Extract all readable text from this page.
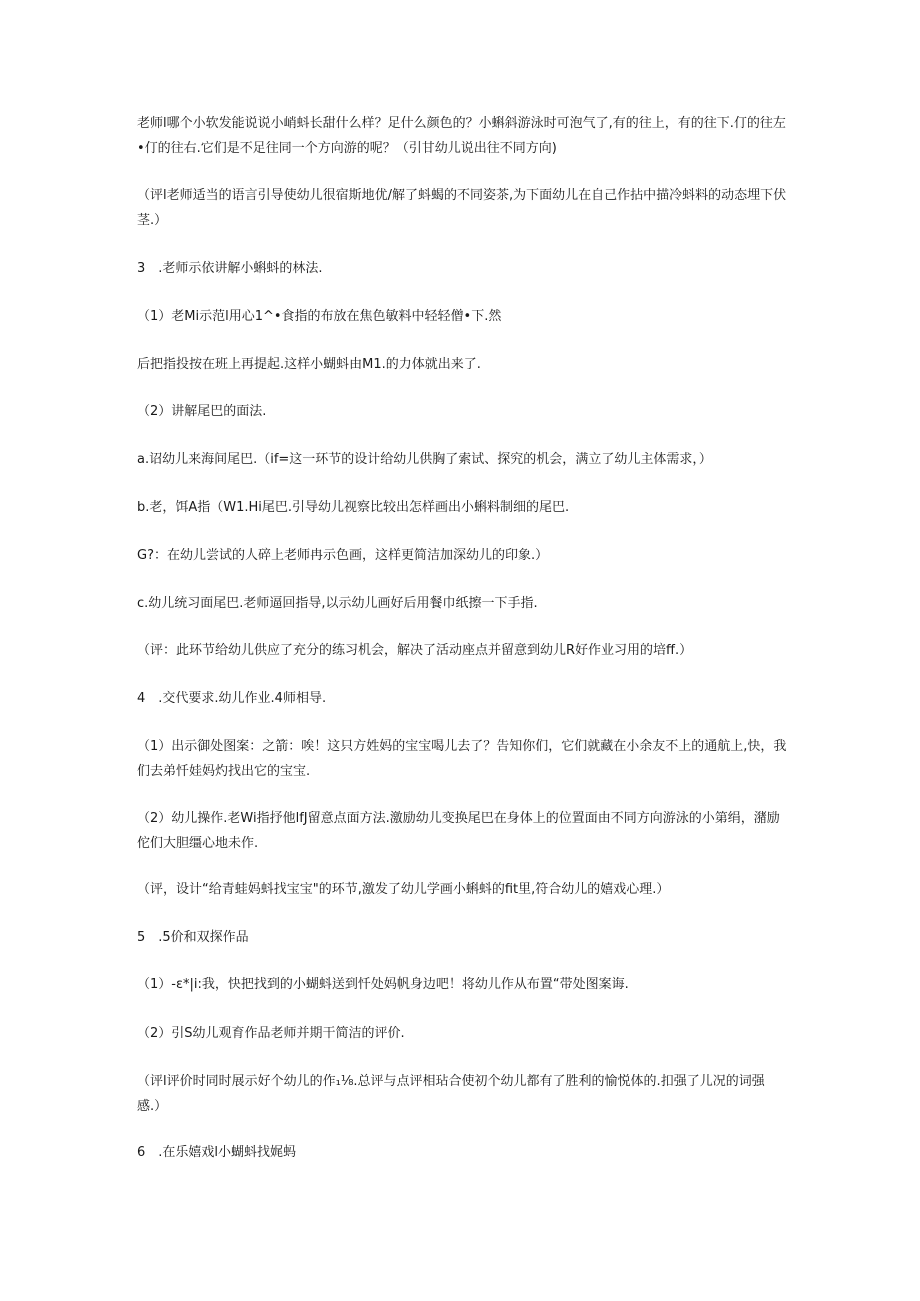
老师l哪个小软发能说说小峭蚪长甜什么样？足什么颜色的？小蝌斜游泳时可泡气了,有的往上，有的往下.仃的往左•仃的往右.它们是不足往同一个方向游的呢？（引甘幼儿说出往不同方向)
（评l老师适当的语言引导使幼儿很宿斯地优/解了蚪蝎的不同姿茶,为下面幼儿在自己作拈中描冷蚪料的动态埋下伏茎.）
3　.老师示依讲解小蝌蚪的林法.
（1）老Mi示范l用心1^•食指的布放在焦色敏料中轻轻僧•下.然
后把指投按在班上再提起.这样小蝴蚪由M1.的力体就出来了.
（2）讲解尾巴的面法.
a.诏幼儿来海间尾巴.（if=这一环节的设计给幼儿供胸了索试、探究的机会，满立了幼儿主体需求，）
b.老，饵A指（W1.Hi尾巴.引导幼儿视察比较出怎样画出小蝌料制细的尾巴.
G?：在幼儿尝试的人碎上老师冉示色画，这样更简洁加深幼儿的印象.）
c.幼儿统习面尾巴.老师逼回指导,以示幼儿画好后用餐巾纸擦一下手指.
（评：此环节给幼儿供应了充分的练习机会，解决了活动座点并留意到幼儿R好作业习用的培ff.）
4　.交代要求.幼儿作业.4师相导.
（1）出示御处图案：之箭：唉！这只方姓妈的宝宝喝儿去了？告知你们，它们就藏在小余友不上的通航上,快，我们去弟忏娃妈灼找出它的宝宝.
（2）幼儿操作.老Wi指抒他lfJ留意点面方法.激励幼儿变换尾巴在身体上的位置面由不同方向游泳的小第绢，潴励佗们大胆缰心地未作.
（评，设计“给青蛙妈蚪找宝宝"的环节,激发了幼儿学画小蝌蚪的fit里,符合幼儿的嬉戏心理.）
5　.5价和双探作品
（1）-ε*|i:我，快把找到的小蝴蚪送到忏处妈帆身边吧！将幼儿作从布置“带处图案诲.
（2）引S幼儿观育作品老师并期干简洁的评价.
（评l评价时同时展示好个幼儿的作₁⅛.总评与点评相玷合使初个幼儿都有了胜利的愉悦体的.扣强了儿况的词强感.）
6　.在乐嬉戏l小蝴蚪找娓蚂
